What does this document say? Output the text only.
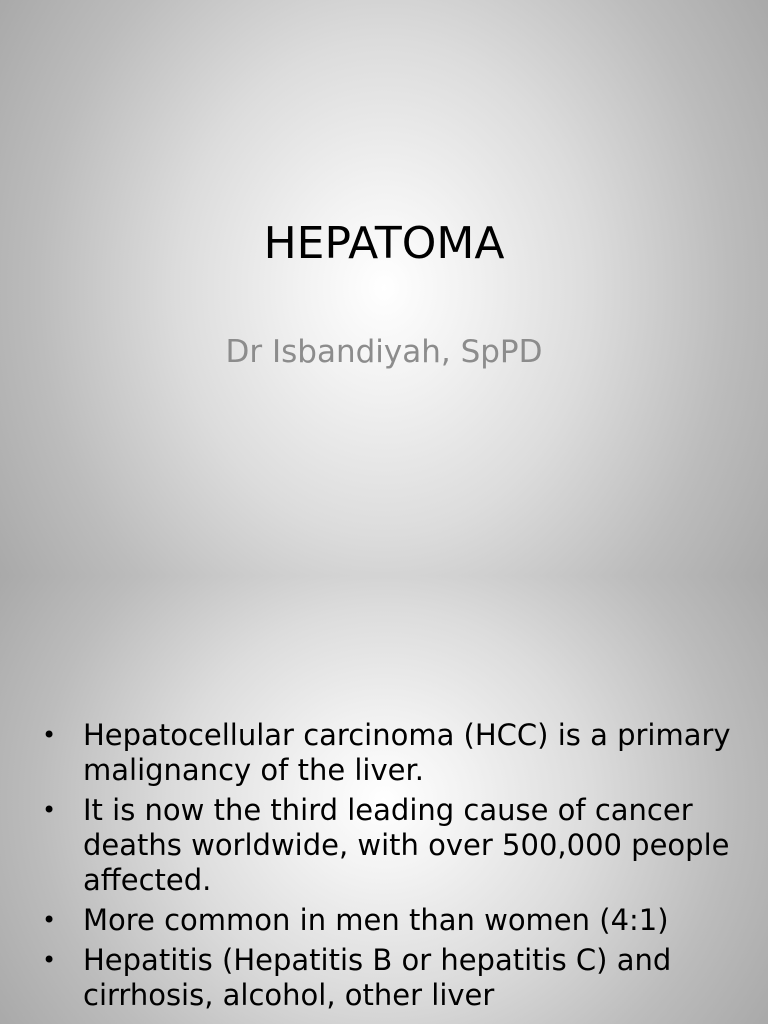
HEPATOMA

Dr Isbandiyah, SpPD

• Hepatocellular carcinoma (HCC) is a primary malignancy of the liver.
• It is now the third leading cause of cancer deaths worldwide, with over 500,000 people affected.
• More common in men than women (4:1)
• Hepatitis (Hepatitis B or hepatitis C) and cirrhosis, alcohol, other liver
